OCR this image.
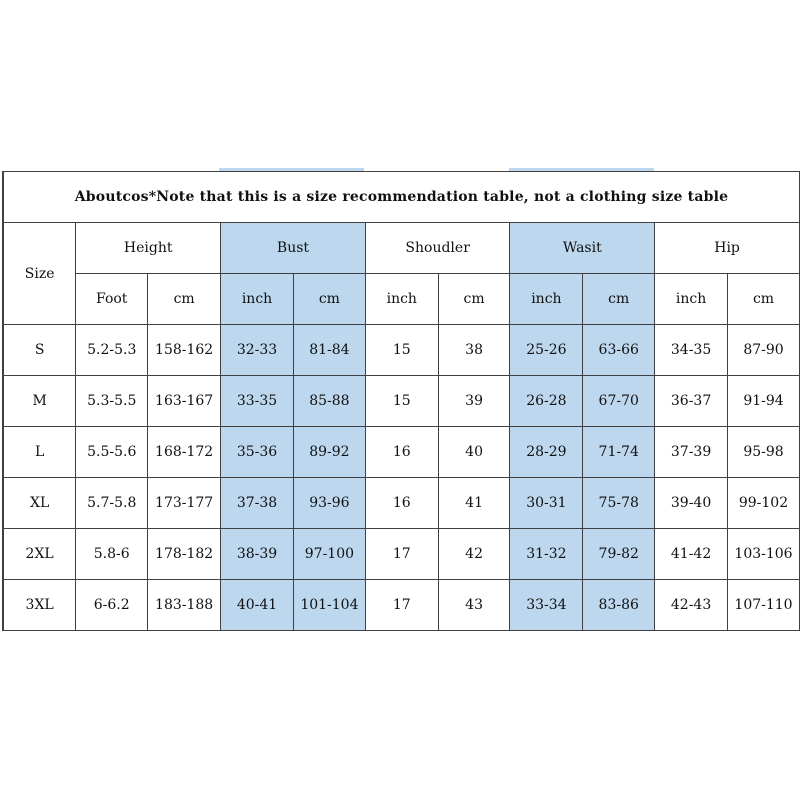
Aboutcos*Note that this is a size recommendation table, not a clothing size table										
Size	Height		Bust		Shoudler		Wasit		Hip	
	Foot	cm	inch	cm	inch	cm	inch	cm	inch	cm
S	5.2-5.3	158-162	32-33	81-84	15	38	25-26	63-66	34-35	87-90
M	5.3-5.5	163-167	33-35	85-88	15	39	26-28	67-70	36-37	91-94
L	5.5-5.6	168-172	35-36	89-92	16	40	28-29	71-74	37-39	95-98
XL	5.7-5.8	173-177	37-38	93-96	16	41	30-31	75-78	39-40	99-102
2XL	5.8-6	178-182	38-39	97-100	17	42	31-32	79-82	41-42	103-106
3XL	6-6.2	183-188	40-41	101-104	17	43	33-34	83-86	42-43	107-110
